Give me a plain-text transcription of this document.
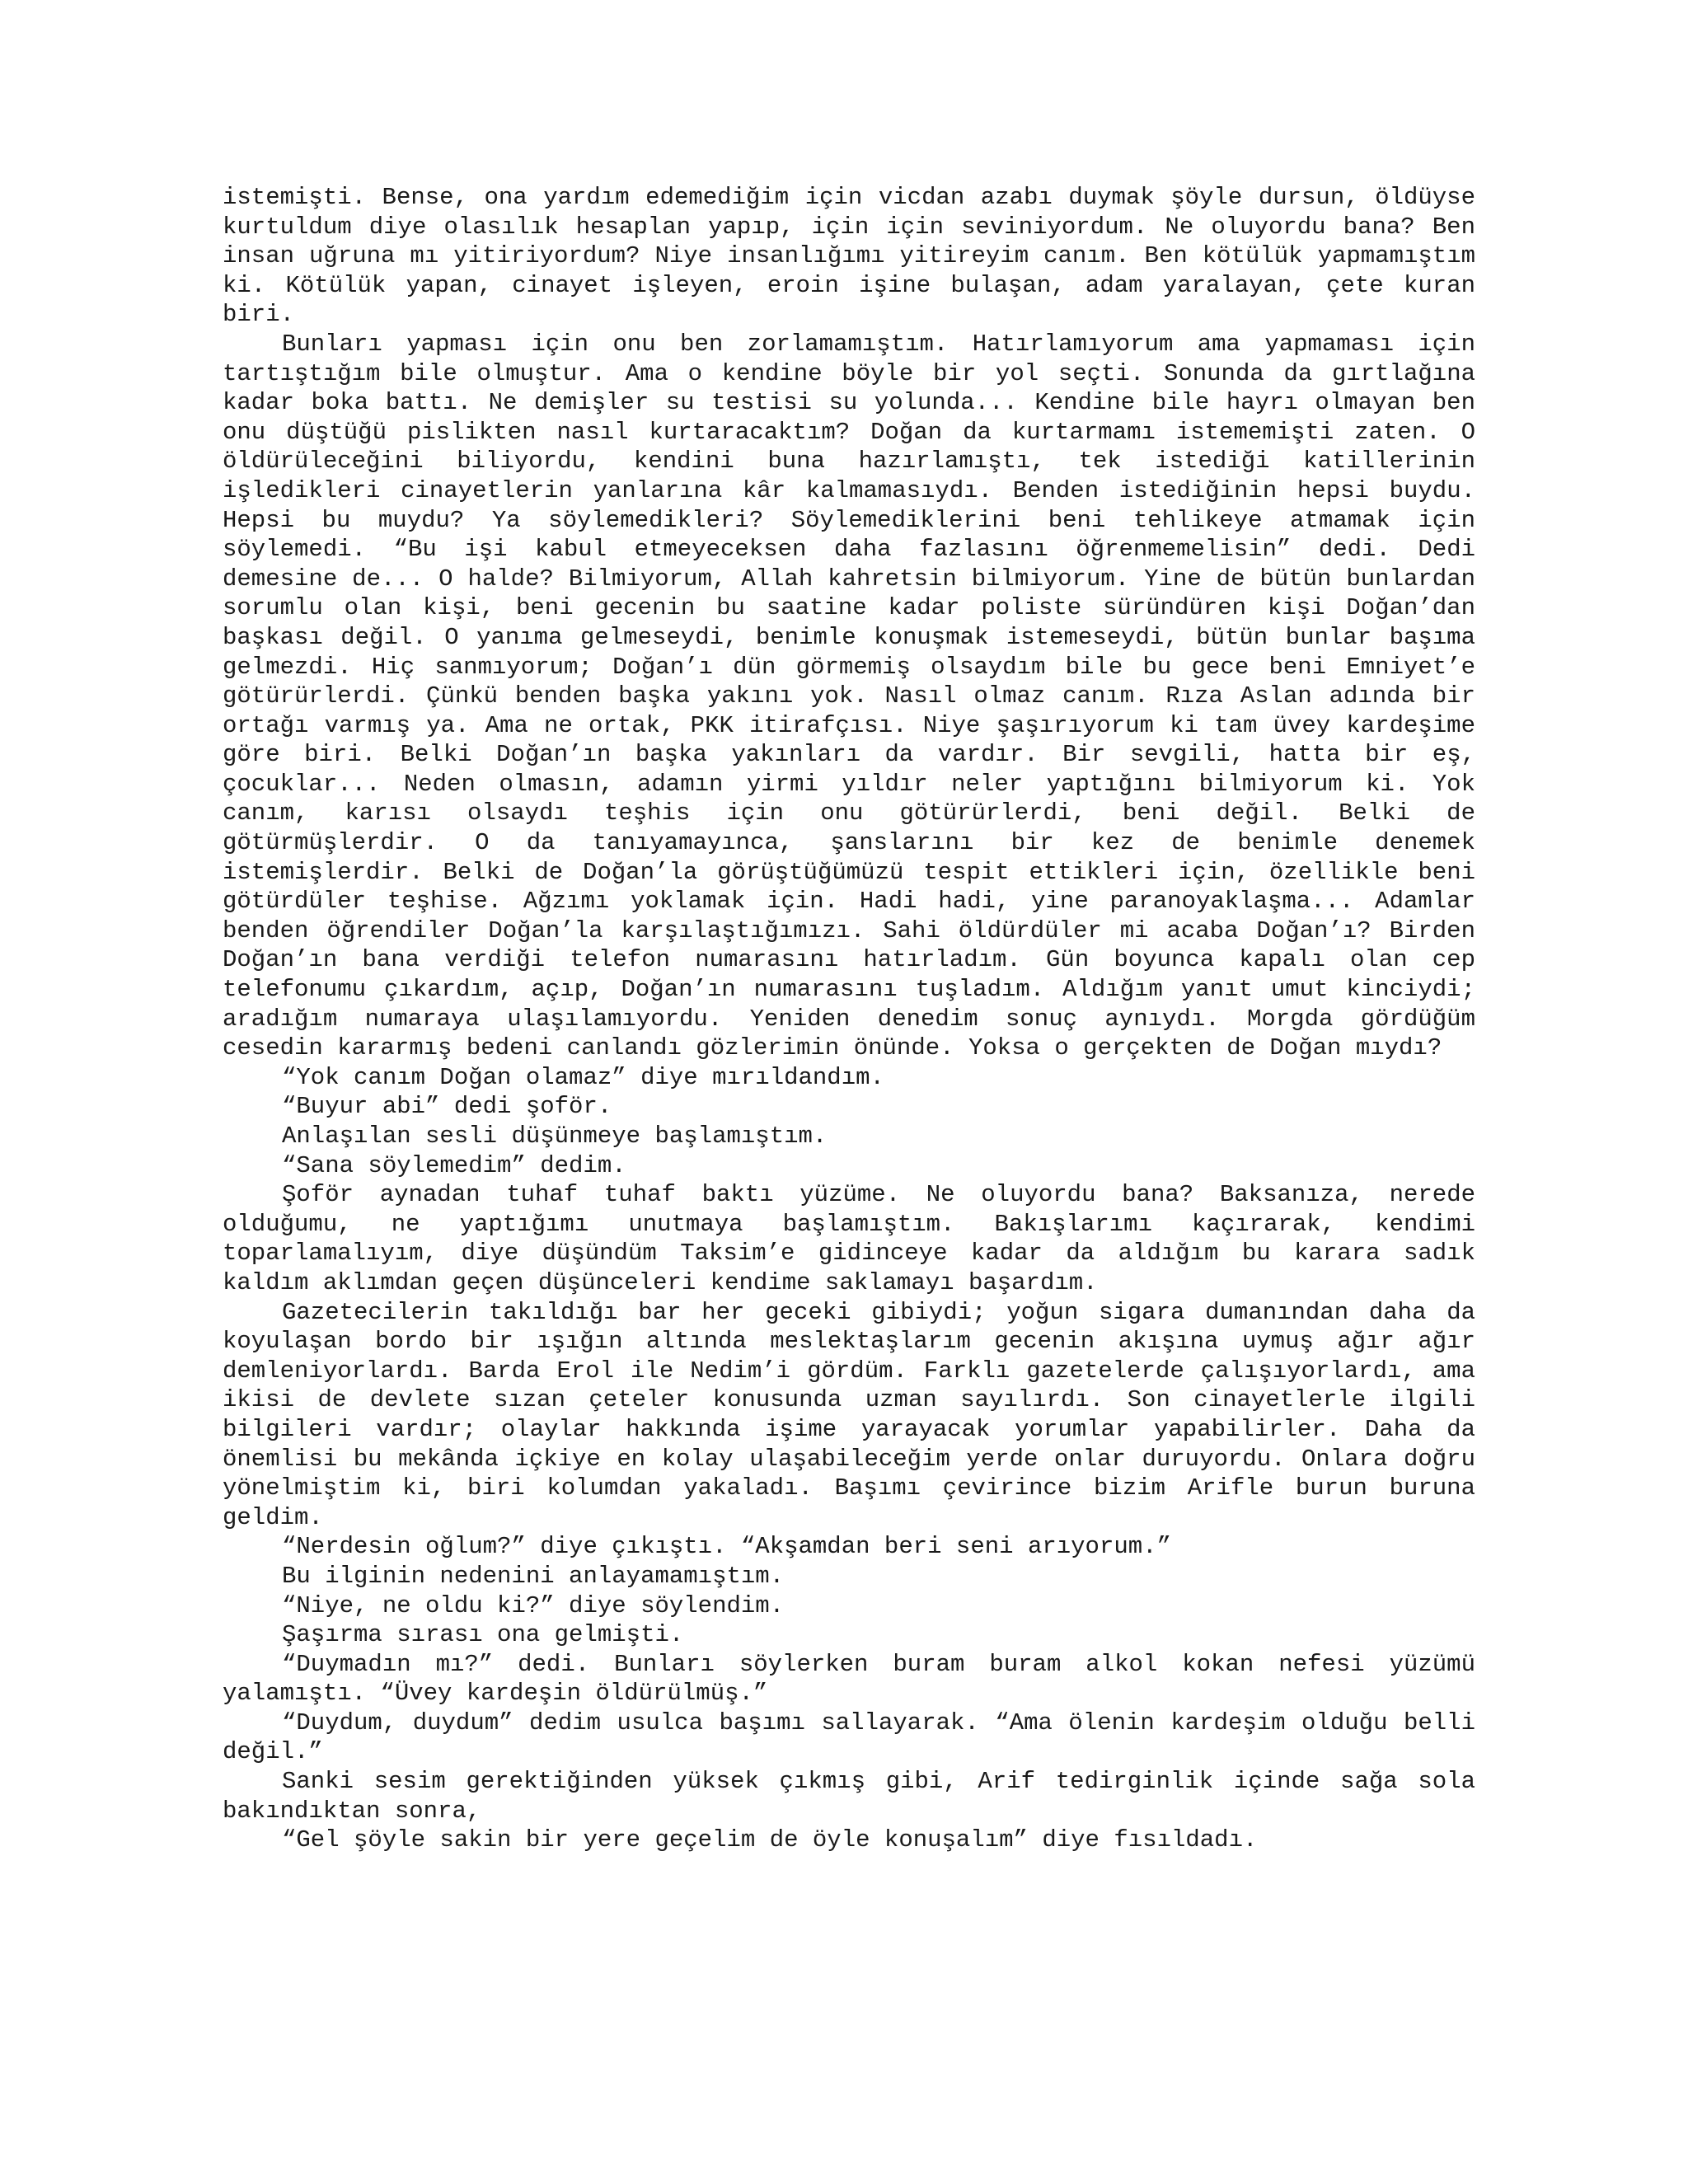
istemişti. Bense, ona yardım edemediğim için vicdan azabı duymak şöyle dursun, öldüyse kurtuldum diye olasılık hesaplan yapıp, için için seviniyordum. Ne oluyordu bana? Ben insan uğruna mı yitiriyordum? Niye insanlığımı yitireyim canım. Ben kötülük yapmamıştım ki. Kötülük yapan, cinayet işleyen, eroin işine bulaşan, adam yaralayan, çete kuran biri.

Bunları yapması için onu ben zorlamamıştım. Hatırlamıyorum ama yapmaması için tartıştığım bile olmuştur. Ama o kendine böyle bir yol seçti. Sonunda da gırtlağına kadar boka battı. Ne demişler su testisi su yolunda... Kendine bile hayrı olmayan ben onu düştüğü pislikten nasıl kurtaracaktım? Doğan da kurtarmamı istememişti zaten. O öldürüleceğini biliyordu, kendini buna hazırlamıştı, tek istediği katillerinin işledikleri cinayetlerin yanlarına kâr kalmamasıydı. Benden istediğinin hepsi buydu. Hepsi bu muydu? Ya söylemedikleri? Söylemediklerini beni tehlikeye atmamak için söylemedi. “Bu işi kabul etmeyeceksen daha fazlasını öğrenmemelisin” dedi. Dedi demesine de... O halde? Bilmiyorum, Allah kahretsin bilmiyorum. Yine de bütün bunlardan sorumlu olan kişi, beni gecenin bu saatine kadar poliste süründüren kişi Doğan’dan başkası değil. O yanıma gelmeseydi, benimle konuşmak istemeseydi, bütün bunlar başıma gelmezdi. Hiç sanmıyorum; Doğan’ı dün görmemiş olsaydım bile bu gece beni Emniyet’e götürürlerdi. Çünkü benden başka yakını yok. Nasıl olmaz canım. Rıza Aslan adında bir ortağı varmış ya. Ama ne ortak, PKK itirafçısı. Niye şaşırıyorum ki tam üvey kardeşime göre biri. Belki Doğan’ın başka yakınları da vardır. Bir sevgili, hatta bir eş, çocuklar... Neden olmasın, adamın yirmi yıldır neler yaptığını bilmiyorum ki. Yok canım, karısı olsaydı teşhis için onu götürürlerdi, beni değil. Belki de götürmüşlerdir. O da tanıyamayınca, şanslarını bir kez de benimle denemek istemişlerdir. Belki de Doğan’la görüştüğümüzü tespit ettikleri için, özellikle beni götürdüler teşhise. Ağzımı yoklamak için. Hadi hadi, yine paranoyaklaşma... Adamlar benden öğrendiler Doğan’la karşılaştığımızı. Sahi öldürdüler mi acaba Doğan’ı? Birden Doğan’ın bana verdiği telefon numarasını hatırladım. Gün boyunca kapalı olan cep telefonumu çıkardım, açıp, Doğan’ın numarasını tuşladım. Aldığım yanıt umut kinciydi; aradığım numaraya ulaşılamıyordu. Yeniden denedim sonuç aynıydı. Morgda gördüğüm cesedin kararmış bedeni canlandı gözlerimin önünde. Yoksa o gerçekten de Doğan mıydı?

“Yok canım Doğan olamaz” diye mırıldandım.

“Buyur abi” dedi şoför.

Anlaşılan sesli düşünmeye başlamıştım.

“Sana söylemedim” dedim.

Şoför aynadan tuhaf tuhaf baktı yüzüme. Ne oluyordu bana? Baksanıza, nerede olduğumu, ne yaptığımı unutmaya başlamıştım. Bakışlarımı kaçırarak, kendimi toparlamalıyım, diye düşündüm Taksim’e gidinceye kadar da aldığım bu karara sadık kaldım aklımdan geçen düşünceleri kendime saklamayı başardım.

Gazetecilerin takıldığı bar her geceki gibiydi; yoğun sigara dumanından daha da koyulaşan bordo bir ışığın altında meslektaşlarım gecenin akışına uymuş ağır ağır demleniyorlardı. Barda Erol ile Nedim’i gördüm. Farklı gazetelerde çalışıyorlardı, ama ikisi de devlete sızan çeteler konusunda uzman sayılırdı. Son cinayetlerle ilgili bilgileri vardır; olaylar hakkında işime yarayacak yorumlar yapabilirler. Daha da önemlisi bu mekânda içkiye en kolay ulaşabileceğim yerde onlar duruyordu. Onlara doğru yönelmiştim ki, biri kolumdan yakaladı. Başımı çevirince bizim Arifle burun buruna geldim.

“Nerdesin oğlum?” diye çıkıştı. “Akşamdan beri seni arıyorum.”

Bu ilginin nedenini anlayamamıştım.

“Niye, ne oldu ki?” diye söylendim.

Şaşırma sırası ona gelmişti.

“Duymadın mı?” dedi. Bunları söylerken buram buram alkol kokan nefesi yüzümü yalamıştı. “Üvey kardeşin öldürülmüş.”

“Duydum, duydum” dedim usulca başımı sallayarak. “Ama ölenin kardeşim olduğu belli değil.”

Sanki sesim gerektiğinden yüksek çıkmış gibi, Arif tedirginlik içinde sağa sola bakındıktan sonra,

“Gel şöyle sakin bir yere geçelim de öyle konuşalım” diye fısıldadı.
